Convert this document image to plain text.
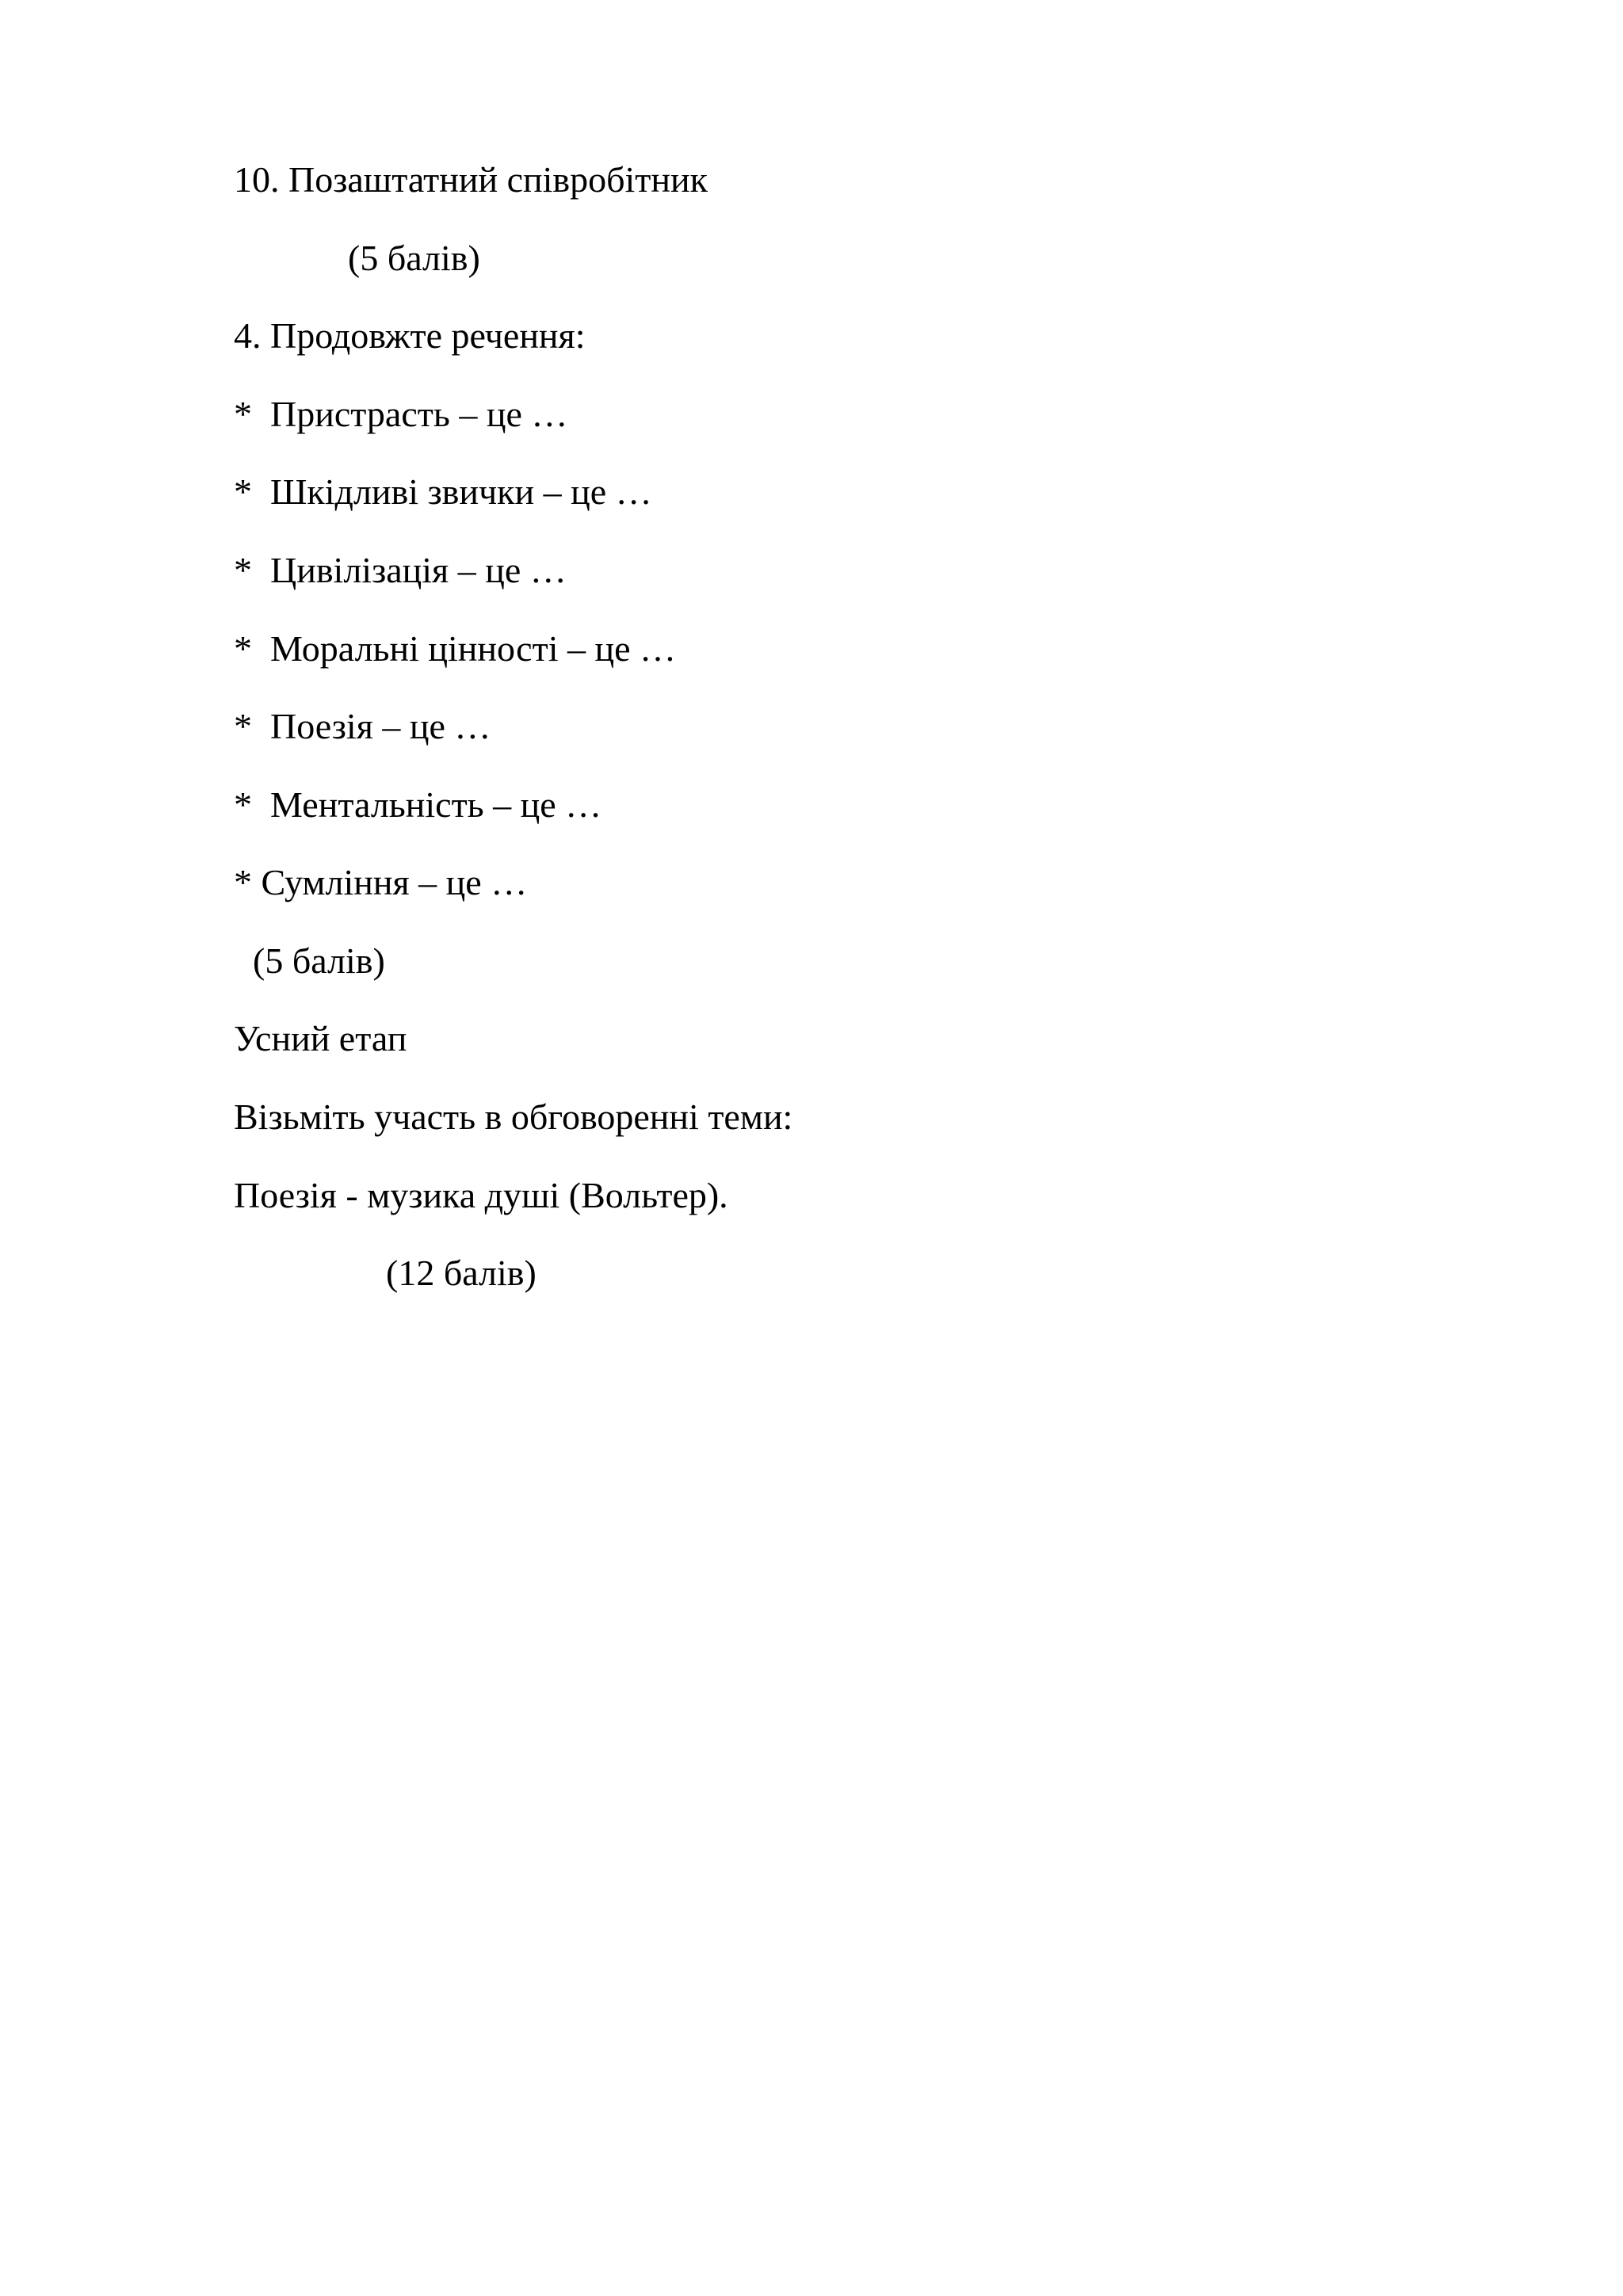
10. Позаштатний співробітник
(5 балів)
4. Продовжте речення:
*  Пристрасть – це …
*  Шкідливі звички – це …
*  Цивілізація – це …
*  Моральні цінності – це …
*  Поезія – це …
*  Ментальність – це …
* Сумління – це …
(5 балів)
Усний етап
Візьміть участь в обговоренні теми:
Поезія - музика душі (Вольтер).
(12 балів)
